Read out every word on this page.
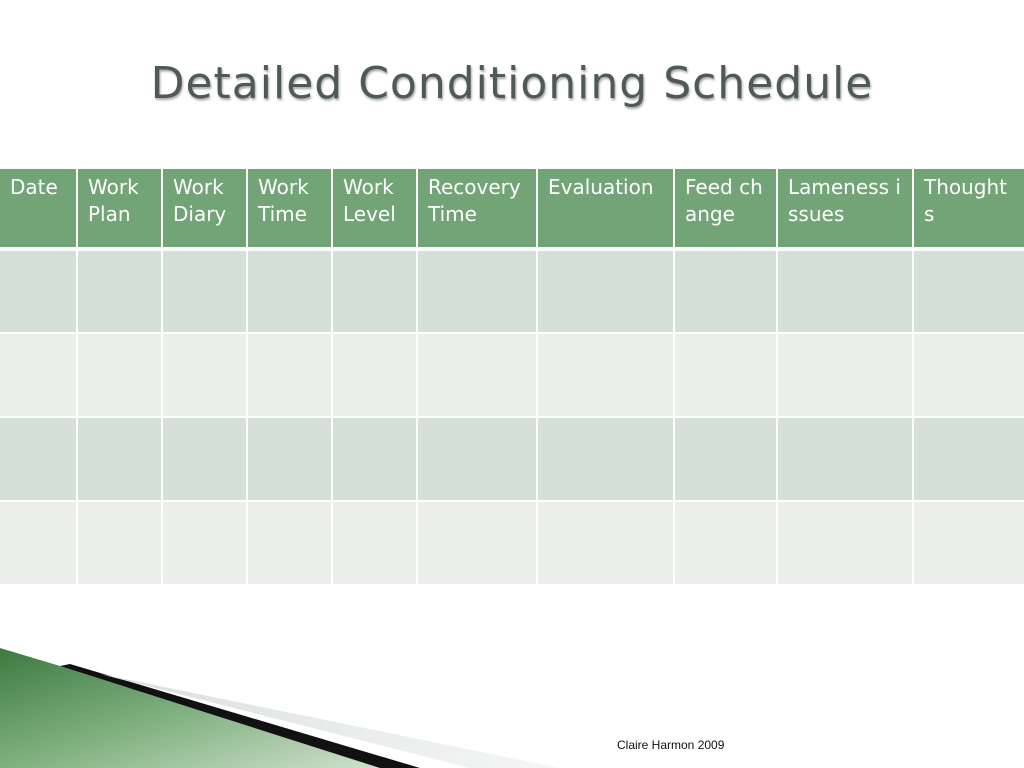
Detailed Conditioning Schedule
Date	Work Plan	Work Diary	Work Time	Work Level	Recovery Time	Evaluation	Feed change	Lameness issues	Thoughts

Claire Harmon 2009
